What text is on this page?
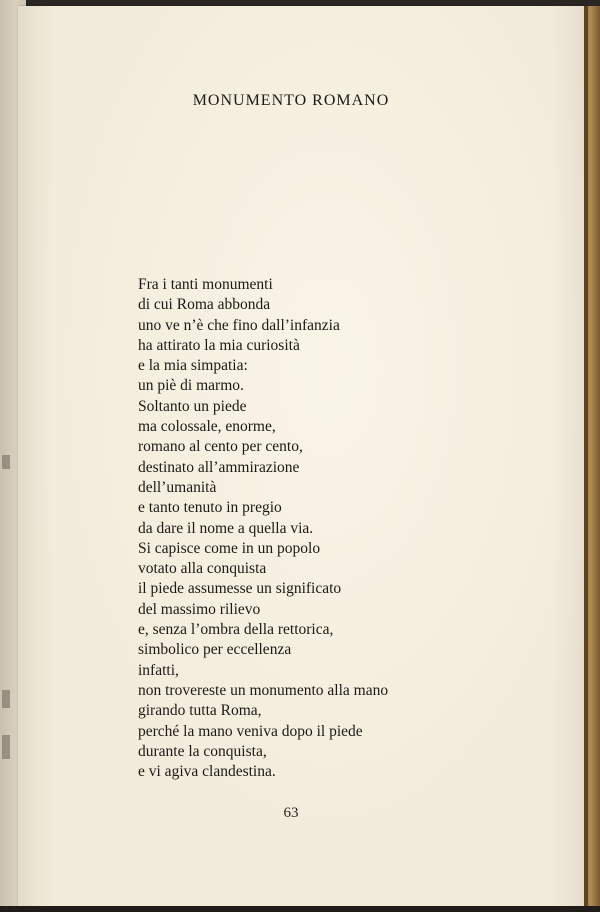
MONUMENTO ROMANO
Fra i tanti monumenti
di cui Roma abbonda
uno ve n’è che fino dall’infanzia
ha attirato la mia curiosità
e la mia simpatia:
un piè di marmo.
Soltanto un piede
ma colossale, enorme,
romano al cento per cento,
destinato all’ammirazione
dell’umanità
e tanto tenuto in pregio
da dare il nome a quella via.
Si capisce come in un popolo
votato alla conquista
il piede assumesse un significato
del massimo rilievo
e, senza l’ombra della rettorica,
simbolico per eccellenza
infatti,
non trovereste un monumento alla mano
girando tutta Roma,
perché la mano veniva dopo il piede
durante la conquista,
e vi agiva clandestina.
63
